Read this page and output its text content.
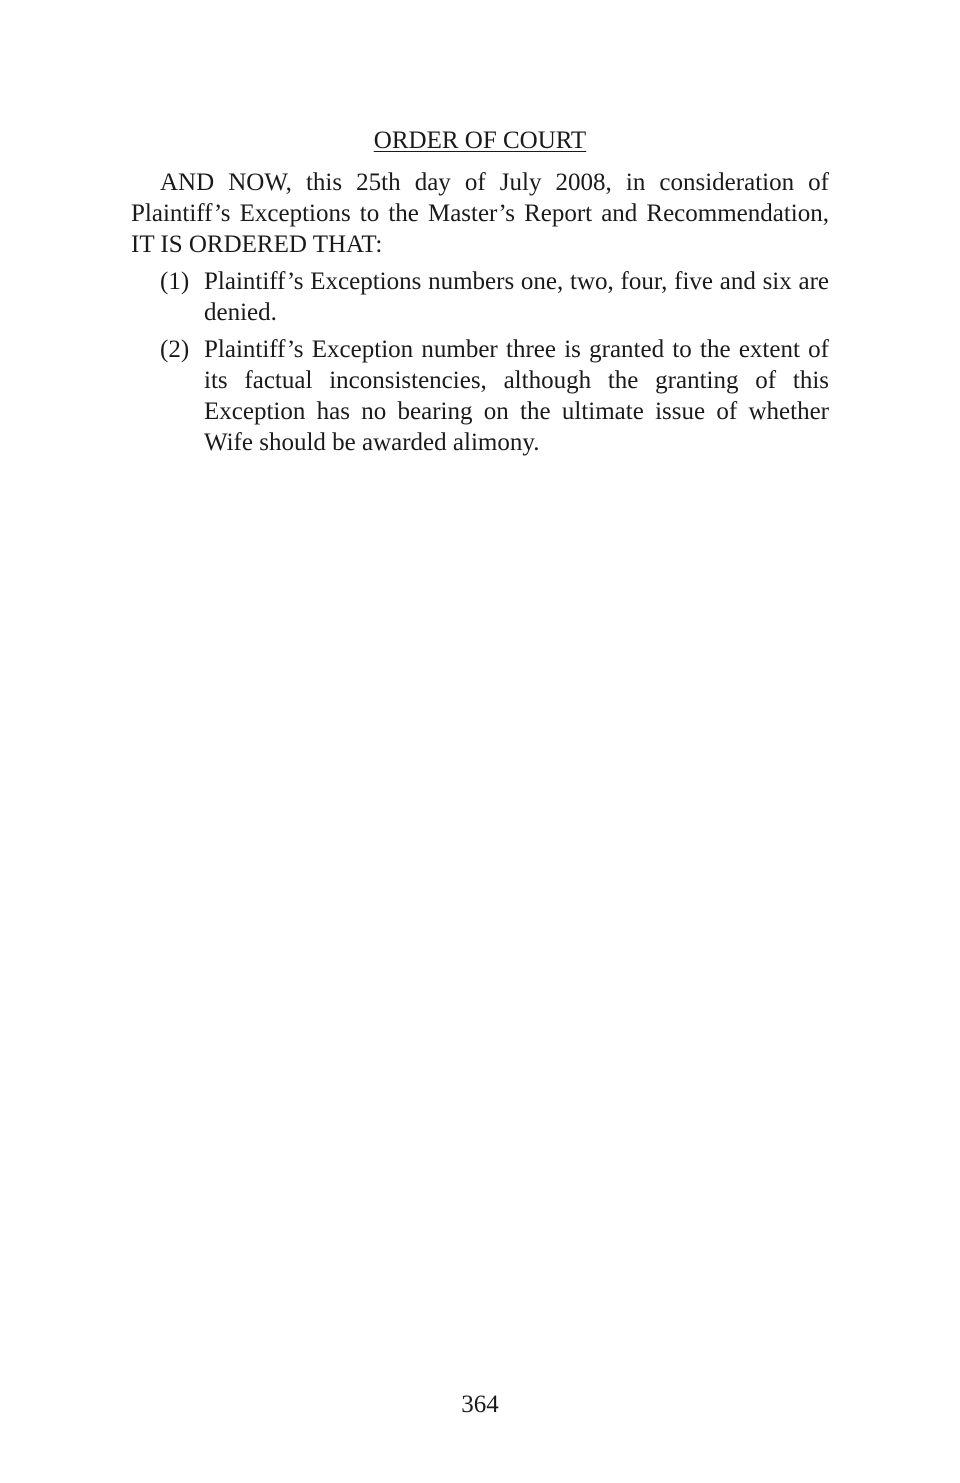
ORDER OF COURT

AND NOW, this 25th day of July 2008, in consideration of Plaintiff’s Exceptions to the Master’s Report and Recommendation, IT IS ORDERED THAT:

(1) Plaintiff’s Exceptions numbers one, two, four, five and six are denied.
(2) Plaintiff’s Exception number three is granted to the extent of its factual inconsistencies, although the granting of this Exception has no bearing on the ultimate issue of whether Wife should be awarded alimony.
364
